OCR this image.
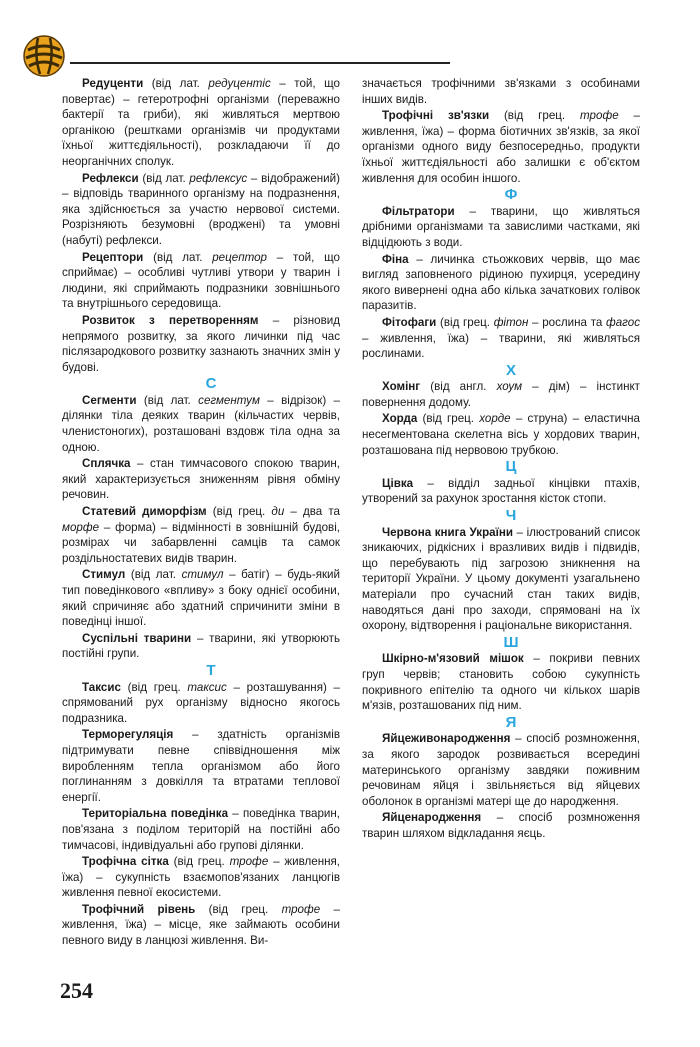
Редуценти (від лат. редуцентіс – той, що повертає) – гетеротрофні організми (переважно бактерії та гриби), які живляться мертвою органікою (рештками організмів чи продуктами їхньої життєдіяльності), розкладаючи її до неорганічних сполук.

Рефлекси (від лат. рефлексус – відображений) – відповідь тваринного організму на подразнення, яка здійснюється за участю нервової системи. Розрізняють безумовні (вроджені) та умовні (набуті) рефлекси.

Рецептори (від лат. рецептор – той, що сприймає) – особливі чутливі утвори у тварин і людини, які сприймають подразники зовнішнього та внутрішнього середовища.

Розвиток з перетворенням – різновид непрямого розвитку, за якого личинки під час післязародкового розвитку зазнають значних змін у будові.

С

Сегменти (від лат. сегментум – відрізок) – ділянки тіла деяких тварин (кільчастих червів, членистоногих), розташовані вздовж тіла одна за одною.

Сплячка – стан тимчасового спокою тварин, який характеризується зниженням рівня обміну речовин.

Статевий диморфізм (від грец. ди – два та морфе – форма) – відмінності в зовнішній будові, розмірах чи забарвленні самців та самок роздільностатевих видів тварин.

Стимул (від лат. стимул – батіг) – будь-який тип поведінкового «впливу» з боку однієї особини, який спричиняє або здатний спричинити зміни в поведінці іншої.

Суспільні тварини – тварини, які утворюють постійні групи.

Т

Таксис (від грец. таксис – розташування) – спрямований рух організму відносно якогось подразника.

Терморегуляція – здатність організмів підтримувати певне співвідношення між виробленням тепла організмом або його поглинанням з довкілля та втратами теплової енергії.

Територіальна поведінка – поведінка тварин, пов'язана з поділом територій на постійні або тимчасові, індивідуальні або групові ділянки.

Трофічна сітка (від грец. трофе – живлення, їжа) – сукупність взаємопов'язаних ланцюгів живлення певної екосистеми.

Трофічний рівень (від грец. трофе – живлення, їжа) – місце, яке займають особини певного виду в ланцюзі живлення. Ви-

значається трофічними зв'язками з особинами інших видів.

Трофічні зв'язки (від грец. трофе – живлення, їжа) – форма біотичних зв'язків, за якої організми одного виду безпосередньо, продукти їхньої життєдіяльності або залишки є об'єктом живлення для особин іншого.

Ф

Фільтратори – тварини, що живляться дрібними організмами та завислими частками, які відцідюють з води.

Фіна – личинка стьожкових червів, що має вигляд заповненого рідиною пухирця, усередину якого вивернені одна або кілька зачаткових голівок паразитів.

Фітофаги (від грец. фітон – рослина та фагос – живлення, їжа) – тварини, які живляться рослинами.

Х

Хомінг (від англ. хоум – дім) – інстинкт повернення додому.

Хорда (від грец. хорде – струна) – еластична несегментована скелетна вісь у хордових тварин, розташована під нервовою трубкою.

Ц

Цівка – відділ задньої кінцівки птахів, утворений за рахунок зростання кісток стопи.

Ч

Червона книга України – ілюстрований список зникаючих, рідкісних і вразливих видів і підвидів, що перебувають під загрозою зникнення на території України. У цьому документі узагальнено матеріали про сучасний стан таких видів, наводяться дані про заходи, спрямовані на їх охорону, відтворення і раціональне використання.

Ш

Шкірно-м'язовий мішок – покриви певних груп червів; становить собою сукупність покривного епітелію та одного чи кількох шарів м'язів, розташованих під ним.

Я

Яйцеживонародження – спосіб розмноження, за якого зародок розвивається всередині материнського організму завдяки поживним речовинам яйця і звільняється від яйцевих оболонок в організмі матері ще до народження.

Яйценародження – спосіб розмноження тварин шляхом відкладання яєць.

254
